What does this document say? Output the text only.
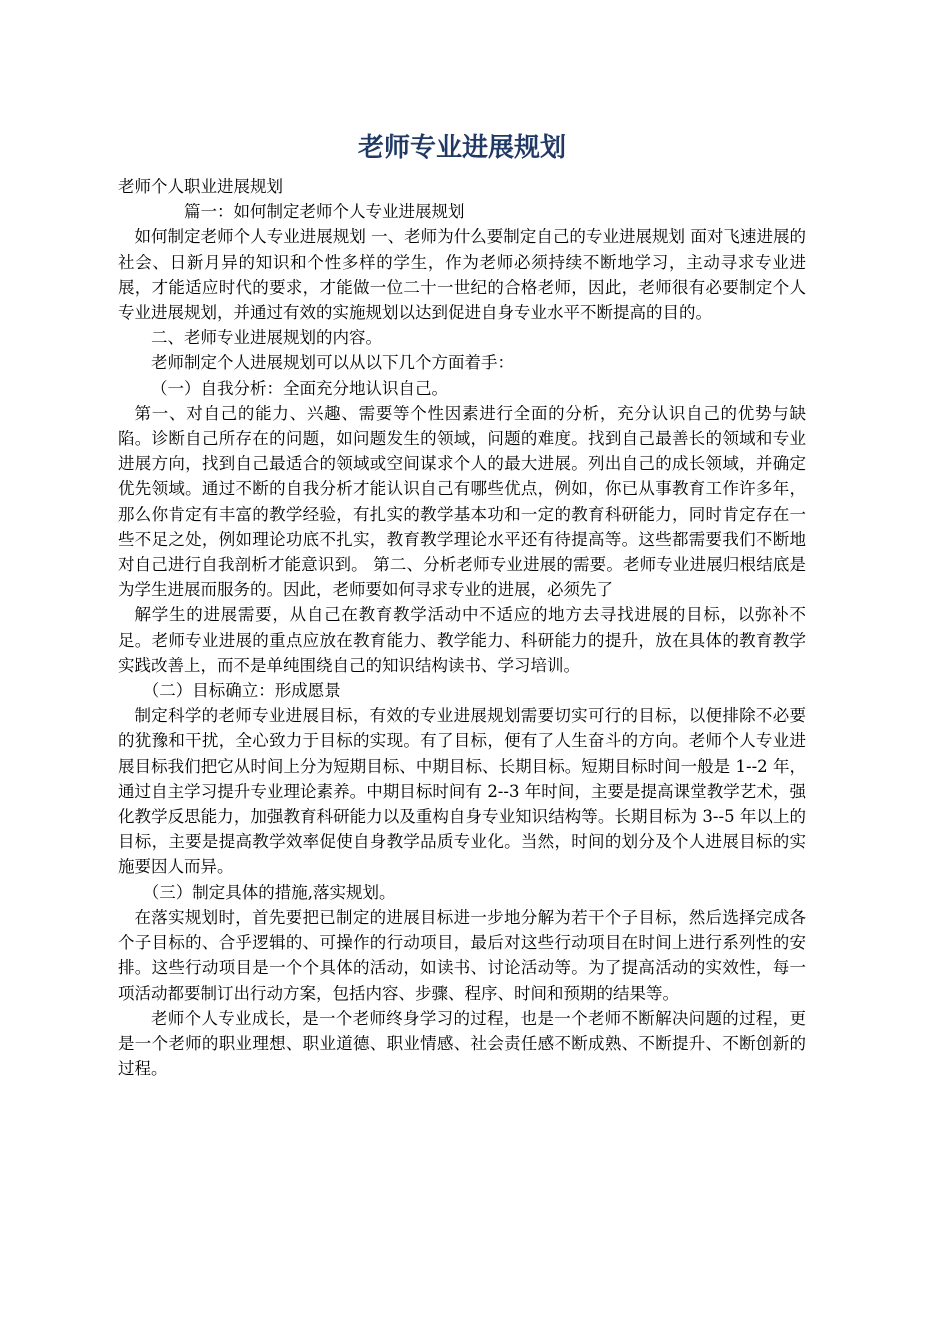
老师专业进展规划

老师个人职业进展规划

篇一：如何制定老师个人专业进展规划

如何制定老师个人专业进展规划 一、老师为什么要制定自己的专业进展规划 面对飞速进展的社会、日新月异的知识和个性多样的学生，作为老师必须持续不断地学习，主动寻求专业进展，才能适应时代的要求，才能做一位二十一世纪的合格老师，因此，老师很有必要制定个人专业进展规划，并通过有效的实施规划以达到促进自身专业水平不断提高的目的。

二、老师专业进展规划的内容。

老师制定个人进展规划可以从以下几个方面着手：

（一）自我分析：全面充分地认识自己。

第一、对自己的能力、兴趣、需要等个性因素进行全面的分析，充分认识自己的优势与缺陷。诊断自己所存在的问题，如问题发生的领域，问题的难度。找到自己最善长的领域和专业进展方向，找到自己最适合的领域或空间谋求个人的最大进展。列出自己的成长领域，并确定优先领域。通过不断的自我分析才能认识自己有哪些优点，例如，你已从事教育工作许多年，那么你肯定有丰富的教学经验，有扎实的教学基本功和一定的教育科研能力，同时肯定存在一些不足之处，例如理论功底不扎实，教育教学理论水平还有待提高等。这些都需要我们不断地对自己进行自我剖析才能意识到。 第二、分析老师专业进展的需要。老师专业进展归根结底是为学生进展而服务的。因此，老师要如何寻求专业的进展，必须先了

解学生的进展需要，从自己在教育教学活动中不适应的地方去寻找进展的目标，以弥补不足。老师专业进展的重点应放在教育能力、教学能力、科研能力的提升，放在具体的教育教学实践改善上，而不是单纯围绕自己的知识结构读书、学习培训。

（二）目标确立：形成愿景

制定科学的老师专业进展目标，有效的专业进展规划需要切实可行的目标，以便排除不必要的犹豫和干扰，全心致力于目标的实现。有了目标，便有了人生奋斗的方向。老师个人专业进展目标我们把它从时间上分为短期目标、中期目标、长期目标。短期目标时间一般是 1--2 年，通过自主学习提升专业理论素养。中期目标时间有 2--3 年时间，主要是提高课堂教学艺术，强化教学反思能力，加强教育科研能力以及重构自身专业知识结构等。长期目标为 3--5 年以上的目标，主要是提高教学效率促使自身教学品质专业化。当然，时间的划分及个人进展目标的实施要因人而异。

（三）制定具体的措施,落实规划。

在落实规划时，首先要把已制定的进展目标进一步地分解为若干个子目标，然后选择完成各个子目标的、合乎逻辑的、可操作的行动项目，最后对这些行动项目在时间上进行系列性的安排。这些行动项目是一个个具体的活动，如读书、讨论活动等。为了提高活动的实效性，每一项活动都要制订出行动方案，包括内容、步骤、程序、时间和预期的结果等。

老师个人专业成长，是一个老师终身学习的过程，也是一个老师不断解决问题的过程，更是一个老师的职业理想、职业道德、职业情感、社会责任感不断成熟、不断提升、不断创新的过程。
